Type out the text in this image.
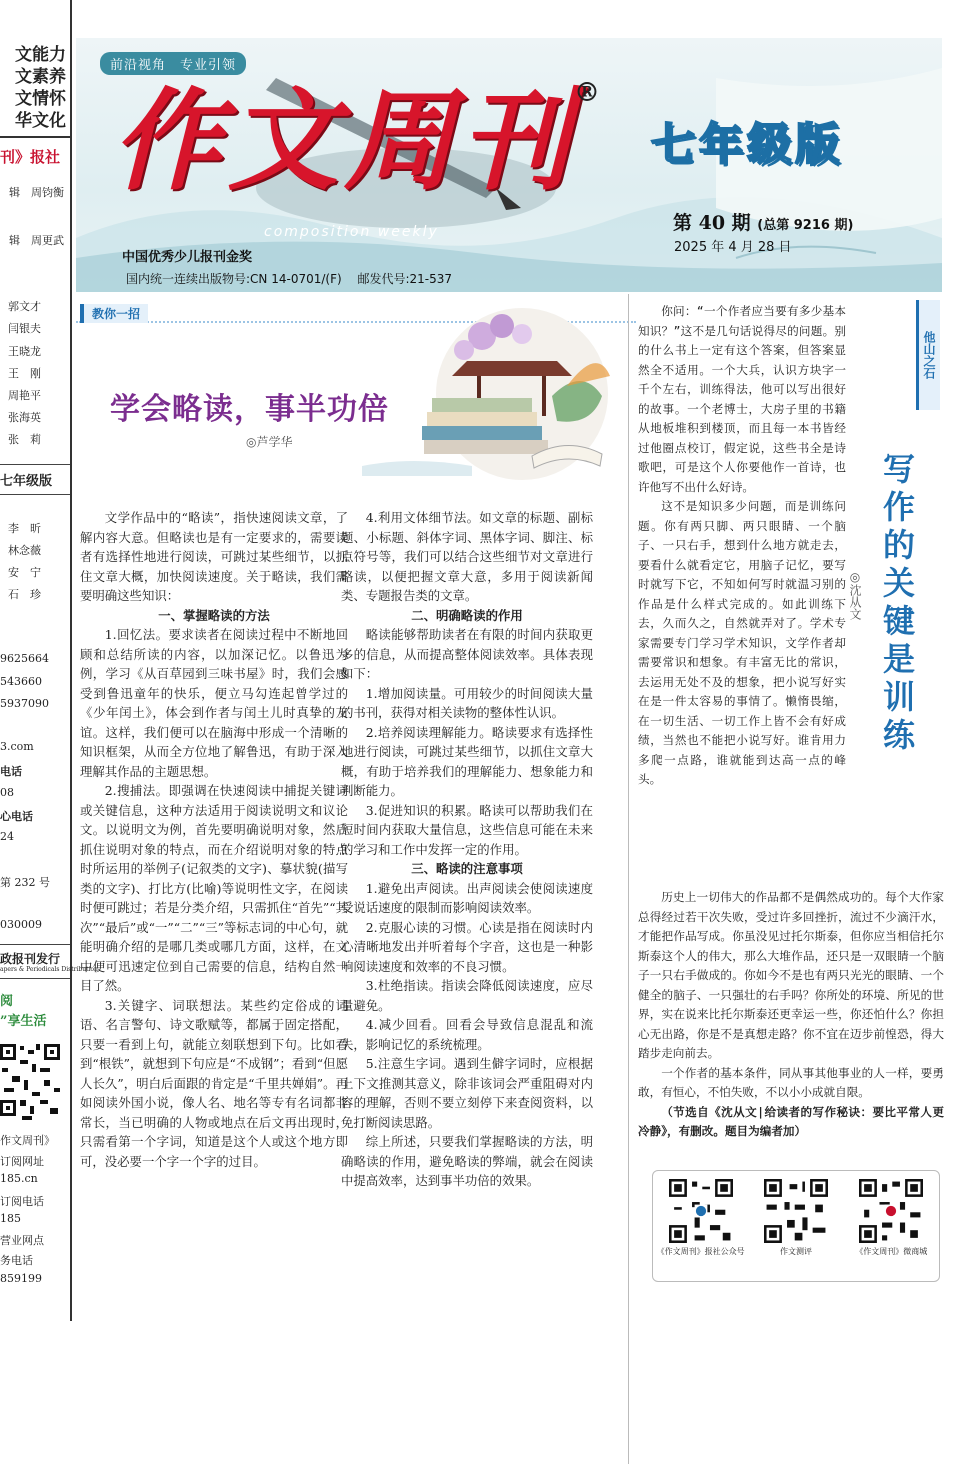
文能力
文素养
文情怀
华文化
刊》报社
辑　 周钧衡
辑　 周更武
郭文才
闫银夫
王晓龙
王　刚
周艳平
张海英
张　莉
七年级版
李　昕
林念薇
安　宁
石　珍
9625664
543660
5937090
3.com
电话
08
心电话
24
第 232 号
030009
政报刊发行
apers & Periodicals Distribution
阅
”享生活
作文周刊》
订阅网址
185.cn
订阅电话
185
营业网点
务电话
859199
前沿视角　专业引领
作文周刊
®
composition weekly
中国优秀少儿报刊金奖
国内统一连续出版物号:CN 14-0701/(F)　 邮发代号:21-537
七年级版
第 40 期 (总第 9216 期)
2025 年 4 月 28 日
教你一招
学会略读，事半功倍
◎芦学华

文学作品中的“略读”，指快速阅读文章，了解内容大意。但略读也是有一定要求的，需要读者有选择性地进行阅读，可跳过某些细节，以抓住文章大概，加快阅读速度。关于略读，我们需要明确这些知识：

一、掌握略读的方法

1.回忆法。要求读者在阅读过程中不断地回顾和总结所读的内容，以加深记忆。以鲁迅为例，学习《从百草园到三味书屋》时，我们会感受到鲁迅童年的快乐，便立马勾连起曾学过的《少年闰土》，体会到作者与闰土儿时真挚的友谊。这样，我们便可以在脑海中形成一个清晰的知识框架，从而全方位地了解鲁迅，有助于深入理解其作品的主题思想。

2.搜捕法。即强调在快速阅读中捕捉关键词或关键信息，这种方法适用于阅读说明文和议论文。以说明文为例，首先要明确说明对象，然后抓住说明对象的特点，而在介绍说明对象的特点时所运用的举例子(记叙类的文字)、摹状貌(描写类的文字)、打比方(比喻)等说明性文字，在阅读时便可跳过；若是分类介绍，只需抓住“首先”“其次”“最后”或“一”“二”“三”等标志词的中心句，就能明确介绍的是哪几类或哪几方面，这样，在文中便可迅速定位到自己需要的信息，结构自然一目了然。

3.关键字、词联想法。某些约定俗成的词语、名言警句、诗文歌赋等，都属于固定搭配，只要一看到上句，就能立刻联想到下句。比如看到“根铁”，就想到下句应是“不成钢”；看到“但愿人长久”，明白后面跟的肯定是“千里共婵娟”。再如阅读外国小说，像人名、地名等专有名词都非常长，当已明确的人物或地点在后文再出现时，只需看第一个字词，知道是这个人或这个地方即可，没必要一个字一个字的过目。

4.利用文体细节法。如文章的标题、副标题、小标题、斜体字词、黑体字词、脚注、标点符号等，我们可以结合这些细节对文章进行略读，以便把握文章大意，多用于阅读新闻类、专题报告类的文章。

二、明确略读的作用

略读能够帮助读者在有限的时间内获取更多的信息，从而提高整体阅读效率。具体表现如下：

1.增加阅读量。可用较少的时间阅读大量的书刊，获得对相关读物的整体性认识。

2.培养阅读理解能力。略读要求有选择性地进行阅读，可跳过某些细节，以抓住文章大概，有助于培养我们的理解能力、想象能力和判断能力。

3.促进知识的积累。略读可以帮助我们在短时间内获取大量信息，这些信息可能在未来的学习和工作中发挥一定的作用。

三、略读的注意事项

1.避免出声阅读。出声阅读会使阅读速度受说话速度的限制而影响阅读效率。

2.克服心读的习惯。心读是指在阅读时内心清晰地发出并听着每个字音，这也是一种影响阅读速度和效率的不良习惯。

3.杜绝指读。指读会降低阅读速度，应尽量避免。

4.减少回看。回看会导致信息混乱和流失，影响记忆的系统梳理。

5.注意生字词。遇到生僻字词时，应根据上下文推测其意义，除非该词会严重阻碍对内容的理解，否则不要立刻停下来查阅资料，以免打断阅读思路。

综上所述，只要我们掌握略读的方法，明确略读的作用，避免略读的弊端，就会在阅读中提高效率，达到事半功倍的效果。

他山之石
写作的关键是训练
◎沈从文

你问：“一个作者应当要有多少基本知识？”这不是几句话说得尽的问题。别的什么书上一定有这个答案，但答案显然全不适用。一个大兵，认识方块字一千个左右，训练得法，他可以写出很好的故事。一个老博士，大房子里的书籍从地板堆积到楼顶，而且每一本书皆经过他圈点校订，假定说，这些书全是诗歌吧，可是这个人你要他作一首诗，也许他写不出什么好诗。

这不是知识多少问题，而是训练问题。你有两只脚、两只眼睛、一个脑子、一只右手，想到什么地方就走去，要看什么就看定它，用脑子记忆，要写时就写下它，不知如何写时就温习别的作品是什么样式完成的。如此训练下去，久而久之，自然就弄对了。学术专家需要专门学习学术知识，文学作者却需要常识和想象。有丰富无比的常识，去运用无处不及的想象，把小说写好实在是一件太容易的事情了。懒惰畏缩，在一切生活、一切工作上皆不会有好成绩，当然也不能把小说写好。谁肯用力多爬一点路，谁就能到达高一点的峰头。

历史上一切伟大的作品都不是偶然成功的。每个大作家总得经过若干次失败，受过许多回挫折，流过不少滴汗水，才能把作品写成。你虽没见过托尔斯泰，但你应当相信托尔斯泰这个人的伟大，那么大堆作品，还只是一双眼睛一个脑子一只右手做成的。你如今不是也有两只光光的眼睛、一个健全的脑子、一只强壮的右手吗？你所处的环境、所见的世界，实在说来比托尔斯泰还更幸运一些，你还怕什么？你担心无出路，你是不是真想走路？你不宜在迈步前惶恐，得大踏步走向前去。

一个作者的基本条件，同从事其他事业的人一样，要勇敢，有恒心，不怕失败，不以小小成就自限。

（节选自《沈从文|给读者的写作秘诀：要比平常人更冷静》，有删改。题目为编者加）

《作文周刊》报社公众号	作文测评	《作文周刊》微商城
